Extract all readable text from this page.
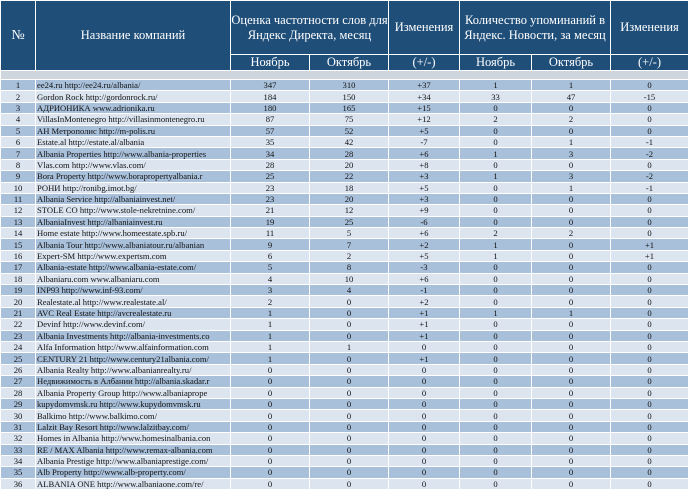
№	Название компаний	Оценка частотности слов для Яндекс Директа, месяц		Изменения	Количество упоминаний в Яндекс. Новости, за месяц		Изменения
		Ноябрь	Октябрь	(+/-)	Ноябрь	Октябрь	(+/-)

1	ee24.ru http://ee24.ru/albania/	347	310	+37	1	1	0
2	Gordon Rock http://gordonrock.ru/	184	150	+34	33	47	-15
3	АДРИОНИКА www.adrionika.ru	180	165	+15	0	0	0
4	VillasInMontenegro http://villasinmontenegro.ru	87	75	+12	2	2	0
5	АН Метрополис http://m-polis.ru	57	52	+5	0	0	0
6	Estate.al http://estate.al/albania	35	42	-7	0	1	-1
7	Albania Properties http://www.albania-properties	34	28	+6	1	3	-2
8	Vlas.com http://www.vlas.com/	28	20	+8	0	0	0
9	Bora Property http://www.borapropertyalbania.r	25	22	+3	1	3	-2
10	РОНИ http://ronibg.imot.bg/	23	18	+5	0	1	-1
11	Albania Service http://albaniainvest.net/	23	20	+3	0	0	0
12	STOLE CO http://www.stole-nekretnine.com/	21	12	+9	0	0	0
13	AlbaniaInvest http://albaniainvest.ru	19	25	-6	0	0	0
14	Home estate http://www.homeestate.spb.ru/	11	5	+6	2	2	0
15	Albania Tour http://www.albaniatour.ru/albanian	9	7	+2	1	0	+1
16	Expert-SM http://www.expertsm.com	6	2	+5	1	0	+1
17	Albania-estate http://www.albania-estate.com/	5	8	-3	0	0	0
18	Albaniaru.com www.albaniaru.com	4	10	+6	0	0	0
19	INP93 http://www.inf-93.com/	3	4	-1	0	0	0
20	Realestate.al http://www.realestate.al/	2	0	+2	0	0	0
21	AVC Real Estate http://avcrealestate.ru	1	0	+1	1	1	0
22	Devinf http://www.devinf.com/	1	0	+1	0	0	0
23	Albania Investments http://albania-investments.co	1	0	+1	0	0	0
24	Alfa Information http://www.alfainformation.com	1	1	0	0	0	0
25	CENTURY 21 http://www.century21albania.com/	1	0	+1	0	0	0
26	Albania Realty http://www.albanianrealty.ru/	0	0	0	0	0	0
27	Недвижимость в Албании http://albania.skadar.r	0	0	0	0	0	0
28	Albania Property Group http://www.albaniaprope	0	0	0	0	0	0
29	kupydomvmsk.ru http://www.kupydomvmsk.ru	0	0	0	0	0	0
30	Balkimo http://www.balkimo.com/	0	0	0	0	0	0
31	Lalzit Bay Resort http://www.lalzitbay.com/	0	0	0	0	0	0
32	Homes in Albania http://www.homesinalbania.con	0	0	0	0	0	0
33	RE / MAX Albania http://www.remax-albania.com	0	0	0	0	0	0
34	Albania Prestige http://www.albaniaprestige.com/	0	0	0	0	0	0
35	Alb Property http://www.alb-property.com/	0	0	0	0	0	0
36	ALBANIA ONE http://www.albaniaone.com/re/	0	0	0	0	0	0
